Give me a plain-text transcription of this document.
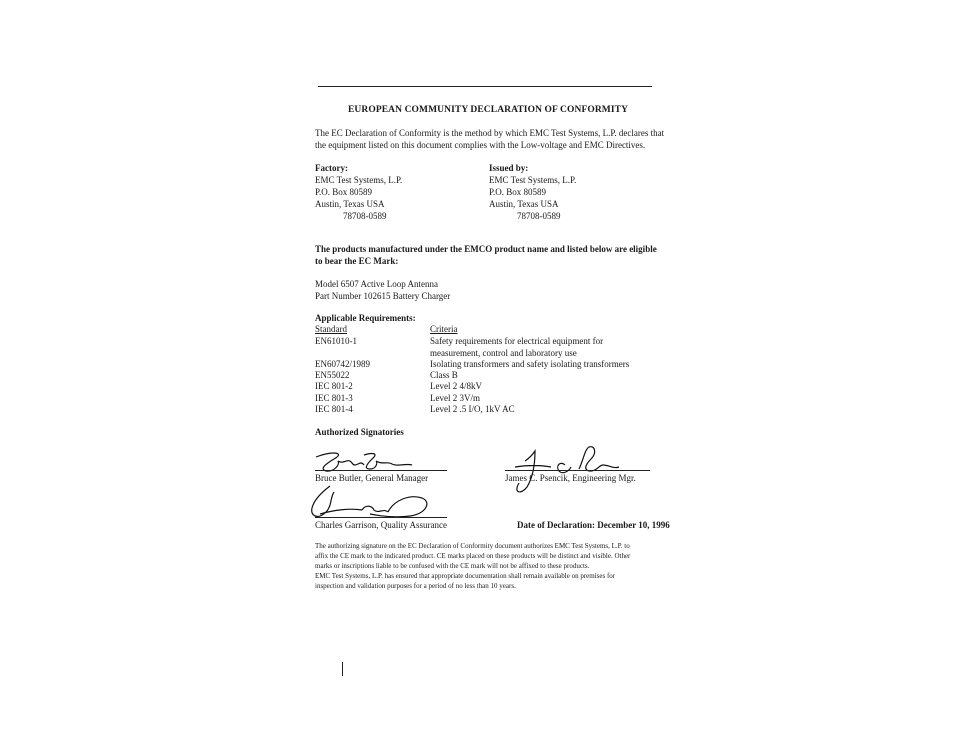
EUROPEAN COMMUNITY DECLARATION OF CONFORMITY
The EC Declaration of Conformity is the method by which EMC Test Systems, L.P. declares that
the equipment listed on this document complies with the Low-voltage and EMC Directives.
Factory:
EMC Test Systems, L.P.
P.O. Box 80589
Austin, Texas USA
78708-0589
Issued by:
EMC Test Systems, L.P.
P.O. Box 80589
Austin, Texas USA
78708-0589
The products manufactured under the EMCO product name and listed below are eligible
to bear the EC Mark:
Model 6507 Active Loop Antenna
Part Number 102615 Battery Charger
Applicable Requirements:
Standard	Criteria
EN61010-1	Safety requirements for electrical equipment for
measurement, control and laboratory use
EN60742/1989	Isolating transformers and safety isolating transformers
EN55022	Class B
IEC 801-2	Level 2 4/8kV
IEC 801-3	Level 2 3V/m
IEC 801-4	Level 2 .5 I/O, 1kV AC
Authorized Signatories
Bruce Butler, General Manager	James C. Psencik, Engineering Mgr.
Charles Garrison, Quality Assurance	Date of Declaration: December 10, 1996
The authorizing signature on the EC Declaration of Conformity document authorizes EMC Test Systems, L.P. to
affix the CE mark to the indicated product. CE marks placed on these products will be distinct and visible. Other
marks or inscriptions liable to be confused with the CE mark will not be affixed to these products.
EMC Test Systems, L.P. has ensured that appropriate documentation shall remain available on premises for
inspection and validation purposes for a period of no less than 10 years.
